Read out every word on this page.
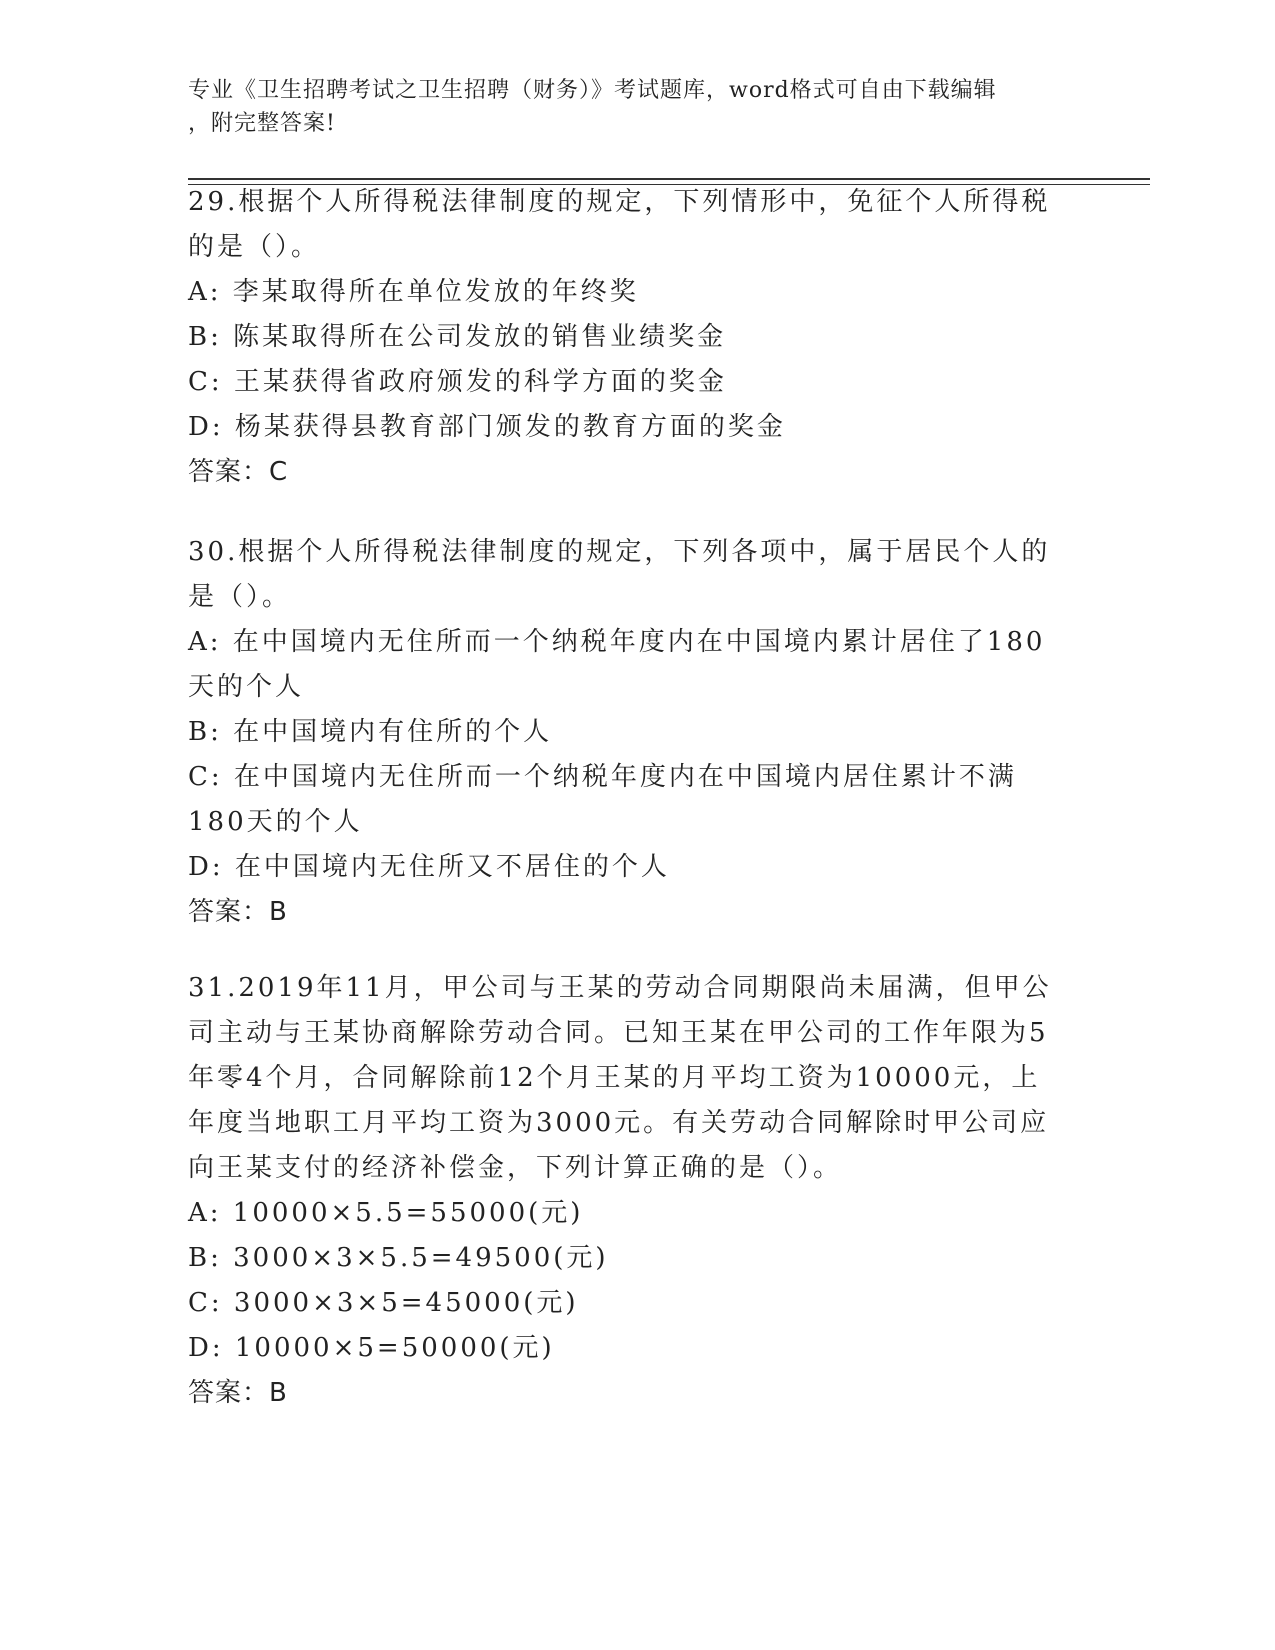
专业《卫生招聘考试之卫生招聘（财务）》考试题库，word格式可自由下载编辑
，附完整答案!
29.根据个人所得税法律制度的规定，下列情形中，免征个人所得税的是（）。
A: 李某取得所在单位发放的年终奖
B: 陈某取得所在公司发放的销售业绩奖金
C: 王某获得省政府颁发的科学方面的奖金
D: 杨某获得县教育部门颁发的教育方面的奖金
答案：C
30.根据个人所得税法律制度的规定，下列各项中，属于居民个人的是（）。
A: 在中国境内无住所而一个纳税年度内在中国境内累计居住了180天的个人
B: 在中国境内有住所的个人
C: 在中国境内无住所而一个纳税年度内在中国境内居住累计不满180天的个人
D: 在中国境内无住所又不居住的个人
答案：B
31.2019年11月，甲公司与王某的劳动合同期限尚未届满，但甲公司主动与王某协商解除劳动合同。已知王某在甲公司的工作年限为5年零4个月，合同解除前12个月王某的月平均工资为10000元，上年度当地职工月平均工资为3000元。有关劳动合同解除时甲公司应向王某支付的经济补偿金，下列计算正确的是（）。
A: 10000×5.5=55000(元)
B: 3000×3×5.5=49500(元)
C: 3000×3×5=45000(元)
D: 10000×5=50000(元)
答案：B
